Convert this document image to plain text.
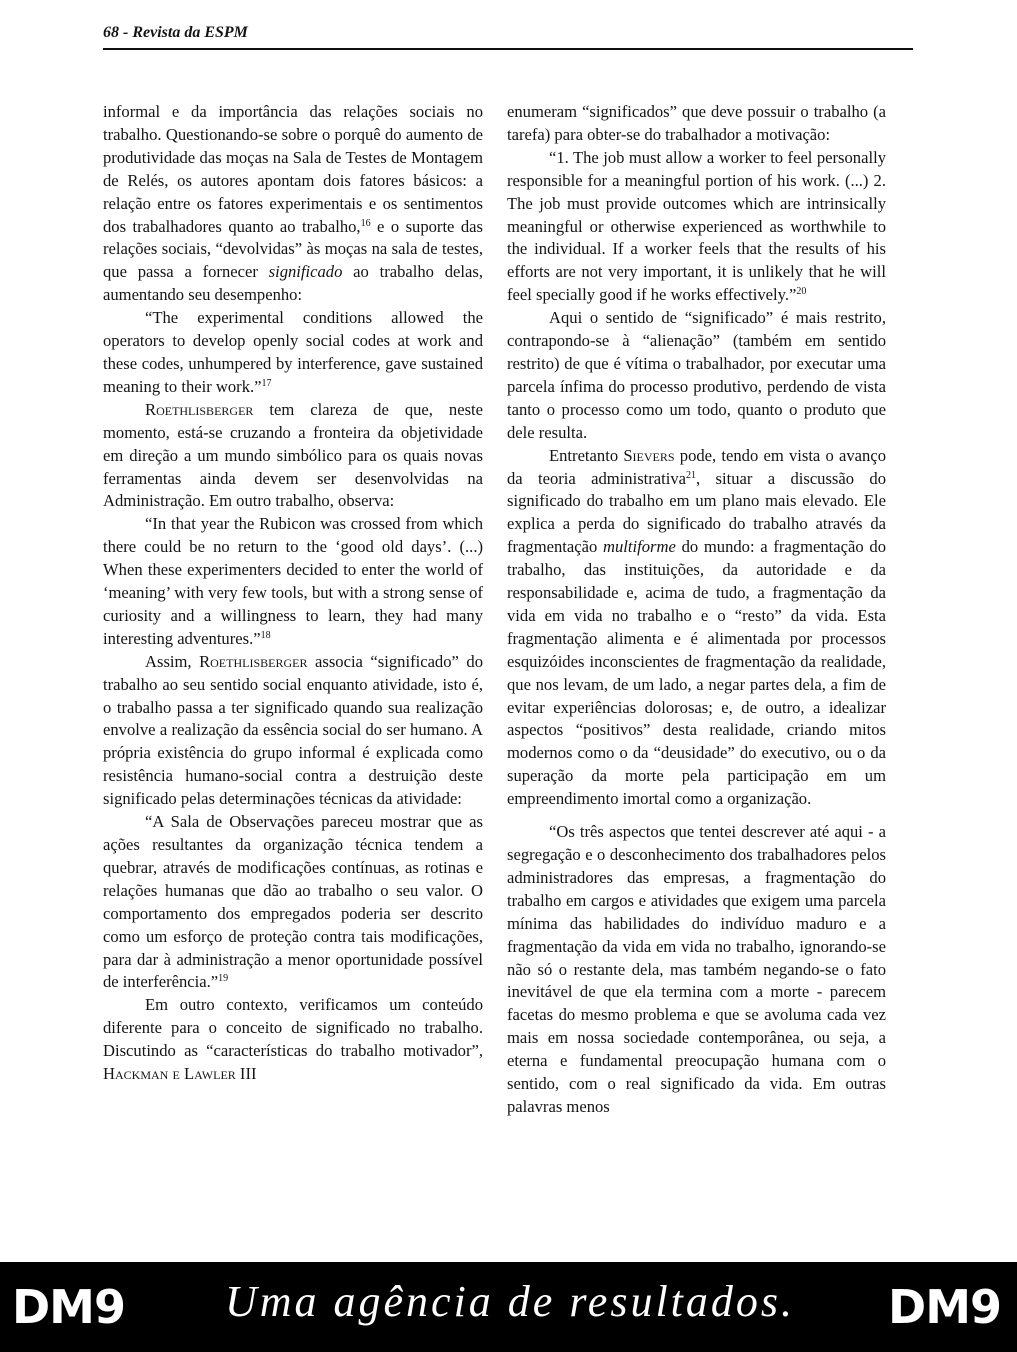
68 - Revista da ESPM

informal e da importância das relações sociais no trabalho. Questionando-se sobre o porquê do aumento de produtividade das moças na Sala de Testes de Montagem de Relés, os autores apontam dois fatores básicos: a relação entre os fatores experimentais e os sentimentos dos trabalhadores quanto ao trabalho,$^{16}$ e o suporte das relações sociais, “devolvidas” às moças na sala de testes, que passa a fornecer significado ao trabalho delas, aumentando seu desempenho:

“The experimental conditions allowed the operators to develop openly social codes at work and these codes, unhumpered by interference, gave sustained meaning to their work.”$^{17}$

Roethlisberger tem clareza de que, neste momento, está-se cruzando a fronteira da objetividade em direção a um mundo simbólico para os quais novas ferramentas ainda devem ser desenvolvidas na Administração. Em outro trabalho, observa:

“In that year the Rubicon was crossed from which there could be no return to the ‘good old days’. (...) When these experimenters decided to enter the world of ‘meaning’ with very few tools, but with a strong sense of curiosity and a willingness to learn, they had many interesting adventures.”$^{18}$

Assim, Roethlisberger associa “significado” do trabalho ao seu sentido social enquanto atividade, isto é, o trabalho passa a ter significado quando sua realização envolve a realização da essência social do ser humano. A própria existência do grupo informal é explicada como resistência humano-social contra a destruição deste significado pelas determinações técnicas da atividade:

“A Sala de Observações pareceu mostrar que as ações resultantes da organização técnica tendem a quebrar, através de modificações contínuas, as rotinas e relações humanas que dão ao trabalho o seu valor. O comportamento dos empregados poderia ser descrito como um esforço de proteção contra tais modificações, para dar à administração a menor oportunidade possível de interferência.”$^{19}$

Em outro contexto, verificamos um conteúdo diferente para o conceito de significado no trabalho. Discutindo as “características do trabalho motivador”, Hackman e Lawler III

enumeram “significados” que deve possuir o trabalho (a tarefa) para obter-se do trabalhador a motivação:

“1. The job must allow a worker to feel personally responsible for a meaningful portion of his work. (...) 2. The job must provide outcomes which are intrinsically meaningful or otherwise experienced as worthwhile to the individual. If a worker feels that the results of his efforts are not very important, it is unlikely that he will feel specially good if he works effectively.”$^{20}$

Aqui o sentido de “significado” é mais restrito, contrapondo-se à “alienação” (também em sentido restrito) de que é vítima o trabalhador, por executar uma parcela ínfima do processo produtivo, perdendo de vista tanto o processo como um todo, quanto o produto que dele resulta.

Entretanto Sievers pode, tendo em vista o avanço da teoria administrativa$^{21}$, situar a discussão do significado do trabalho em um plano mais elevado. Ele explica a perda do significado do trabalho através da fragmentação multiforme do mundo: a fragmentação do trabalho, das instituições, da autoridade e da responsabilidade e, acima de tudo, a fragmentação da vida em vida no trabalho e o “resto” da vida. Esta fragmentação alimenta e é alimentada por processos esquizóides inconscientes de fragmentação da realidade, que nos levam, de um lado, a negar partes dela, a fim de evitar experiências dolorosas; e, de outro, a idealizar aspectos “positivos” desta realidade, criando mitos modernos como o da “deusidade” do executivo, ou o da superação da morte pela participação em um empreendimento imortal como a organização.

“Os três aspectos que tentei descrever até aqui - a segregação e o desconhecimento dos trabalhadores pelos administradores das empresas, a fragmentação do trabalho em cargos e atividades que exigem uma parcela mínima das habilidades do indivíduo maduro e a fragmentação da vida em vida no trabalho, ignorando-se não só o restante dela, mas também negando-se o fato inevitável de que ela termina com a morte - parecem facetas do mesmo problema e que se avoluma cada vez mais em nossa sociedade contemporânea, ou seja, a eterna e fundamental preocupação humana com o sentido, com o real significado da vida. Em outras palavras menos

DM9 Uma agência de resultados. DM9
